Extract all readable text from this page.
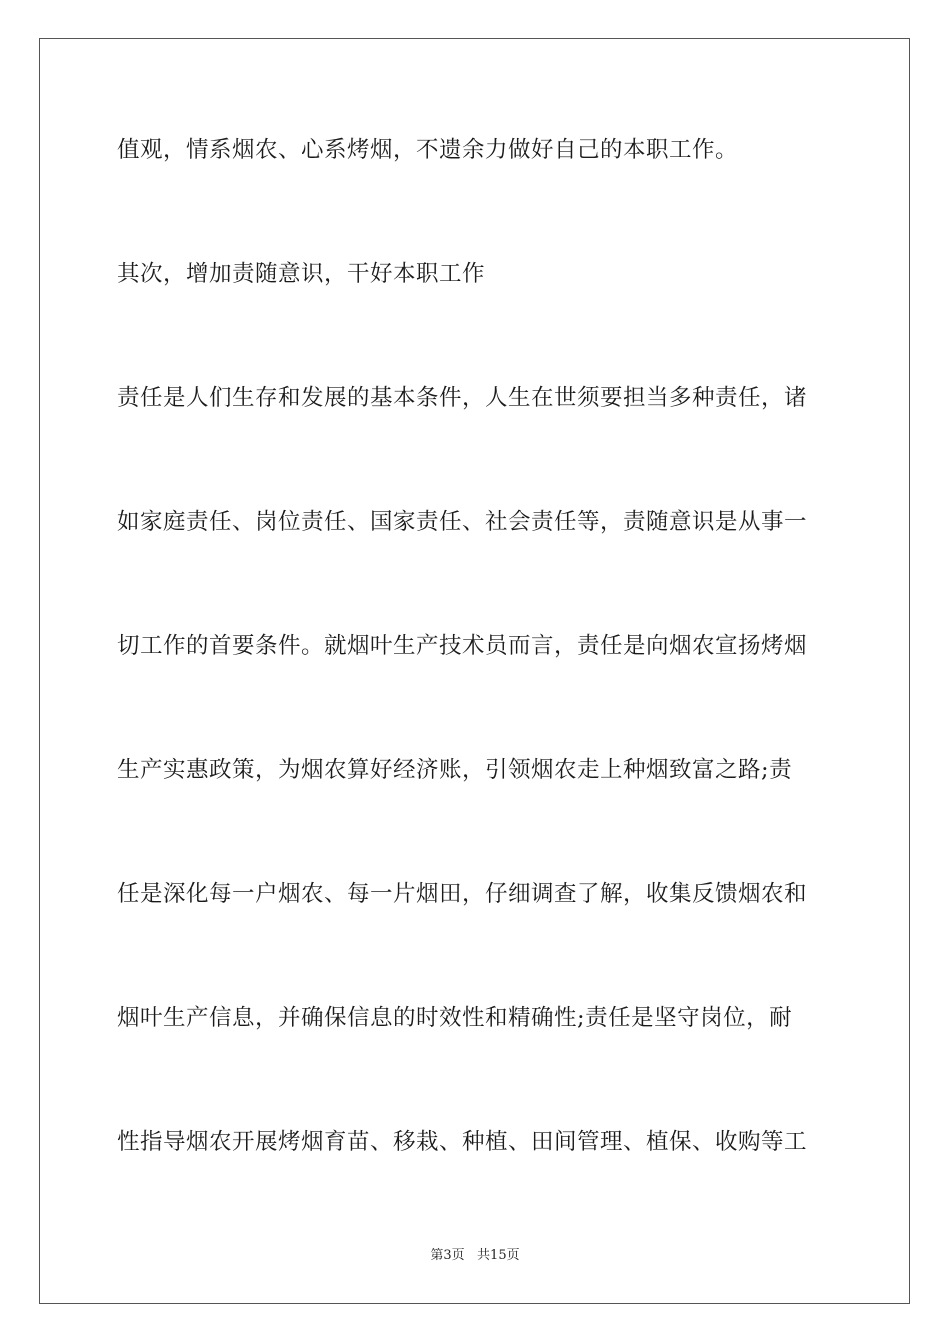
值观，情系烟农、心系烤烟，不遗余力做好自己的本职工作。
其次，增加责随意识，干好本职工作
责任是人们生存和发展的基本条件，人生在世须要担当多种责任，诸
如家庭责任、岗位责任、国家责任、社会责任等，责随意识是从事一
切工作的首要条件。就烟叶生产技术员而言，责任是向烟农宣扬烤烟
生产实惠政策，为烟农算好经济账，引领烟农走上种烟致富之路;责
任是深化每一户烟农、每一片烟田，仔细调查了解，收集反馈烟农和
烟叶生产信息，并确保信息的时效性和精确性;责任是坚守岗位，耐
性指导烟农开展烤烟育苗、移栽、种植、田间管理、植保、收购等工
第3页   共15页
